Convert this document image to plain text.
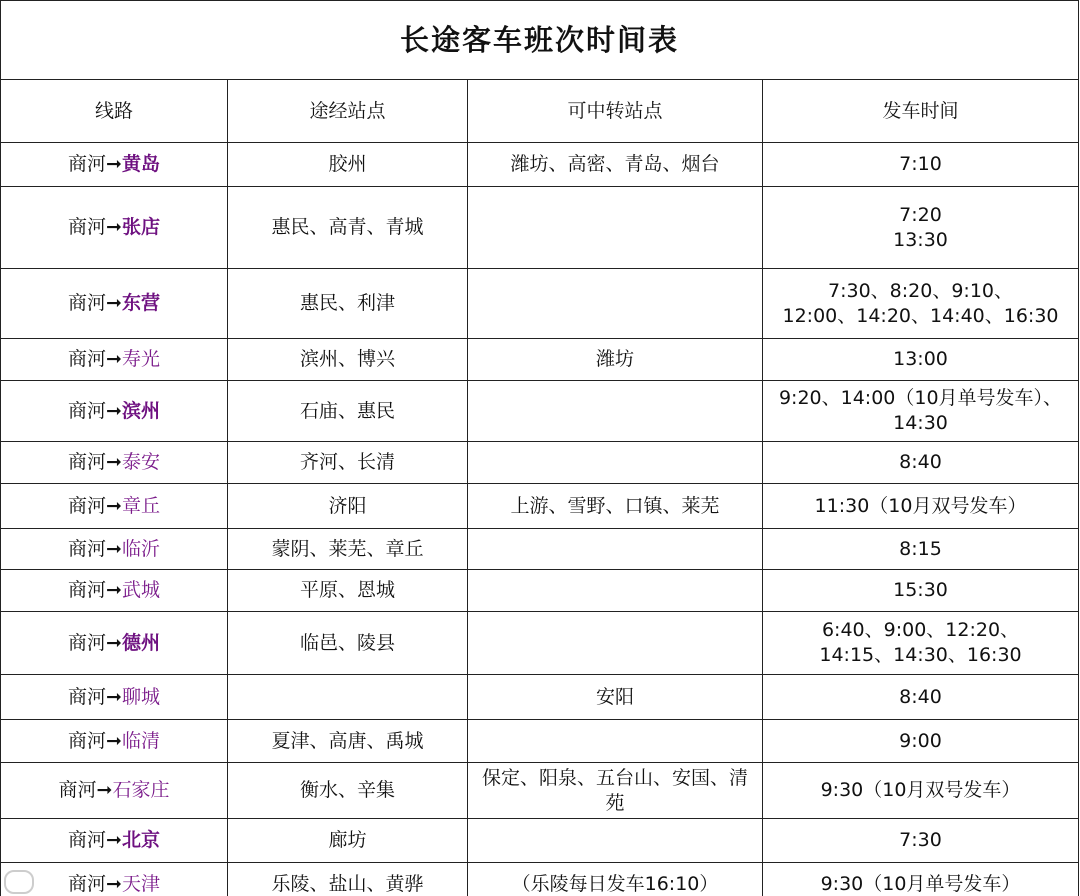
长途客车班次时间表			
线路	途经站点	可中转站点	发车时间
商河➞黄岛	胶州	潍坊、高密、青岛、烟台	7:10

商河➞张店	惠民、高青、青城		7:20
13:30

商河➞东营	惠民、利津		7:30、8:20、9:10、
12:00、14:20、14:40、16:30

商河➞寿光	滨州、博兴	潍坊	13:00

商河➞滨州	石庙、惠民		9:20、14:00（10月单号发车）、
14:30

商河➞泰安	齐河、长清		8:40

商河➞章丘	济阳	上游、雪野、口镇、莱芜	11:30（10月双号发车）

商河➞临沂	蒙阴、莱芜、章丘		8:15

商河➞武城	平原、恩城		15:30

商河➞德州	临邑、陵县		6:40、9:00、12:20、
14:15、14:30、16:30

商河➞聊城		安阳	8:40

商河➞临清	夏津、高唐、禹城		9:00

商河➞石家庄	衡水、辛集	保定、阳泉、五台山、安国、清苑	9:30（10月双号发车）

商河➞北京	廊坊		7:30

商河➞天津	乐陵、盐山、黄骅	（乐陵每日发车16:10）	9:30（10月单号发车）
